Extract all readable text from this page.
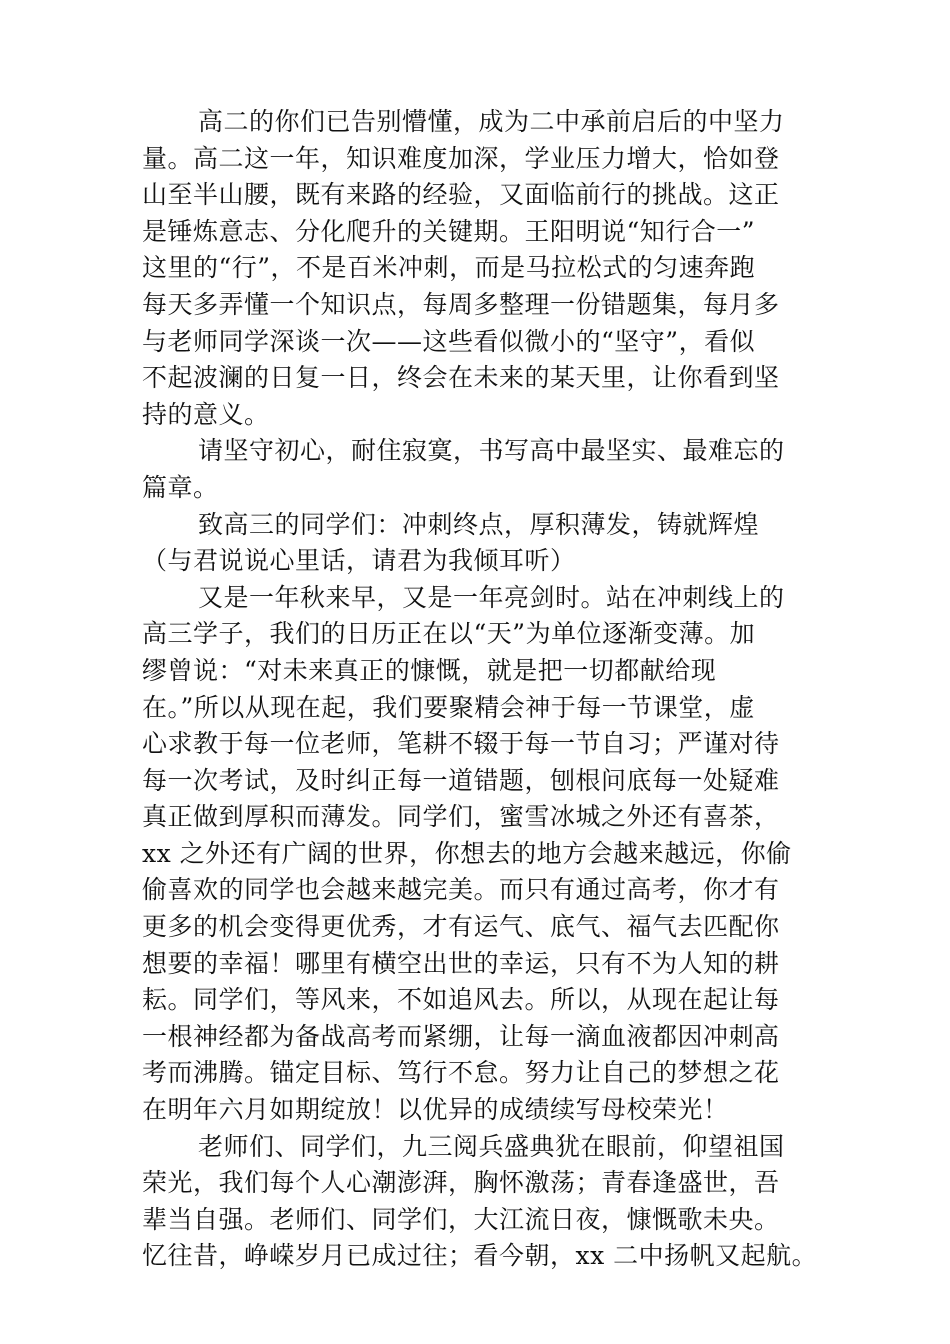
高二的你们已告别懵懂，成为二中承前启后的中坚力
量。高二这一年，知识难度加深，学业压力增大，恰如登
山至半山腰，既有来路的经验，又面临前行的挑战。这正
是锤炼意志、分化爬升的关键期。王阳明说“知行合一”
这里的“行”，不是百米冲刺，而是马拉松式的匀速奔跑
每天多弄懂一个知识点，每周多整理一份错题集，每月多
与老师同学深谈一次——这些看似微小的“坚守”，看似
不起波澜的日复一日，终会在未来的某天里，让你看到坚
持的意义。
请坚守初心，耐住寂寞，书写高中最坚实、最难忘的
篇章。
致高三的同学们：冲刺终点，厚积薄发，铸就辉煌
（与君说说心里话，请君为我倾耳听）
又是一年秋来早，又是一年亮剑时。站在冲刺线上的
高三学子，我们的日历正在以“天”为单位逐渐变薄。加
缪曾说：“对未来真正的慷慨，就是把一切都献给现
在。”所以从现在起，我们要聚精会神于每一节课堂，虚
心求教于每一位老师，笔耕不辍于每一节自习；严谨对待
每一次考试，及时纠正每一道错题，刨根问底每一处疑难
真正做到厚积而薄发。同学们，蜜雪冰城之外还有喜茶，
xx 之外还有广阔的世界，你想去的地方会越来越远，你偷
偷喜欢的同学也会越来越完美。而只有通过高考，你才有
更多的机会变得更优秀，才有运气、底气、福气去匹配你
想要的幸福！哪里有横空出世的幸运，只有不为人知的耕
耘。同学们，等风来，不如追风去。所以，从现在起让每
一根神经都为备战高考而紧绷，让每一滴血液都因冲刺高
考而沸腾。锚定目标、笃行不怠。努力让自己的梦想之花
在明年六月如期绽放！以优异的成绩续写母校荣光！
老师们、同学们，九三阅兵盛典犹在眼前，仰望祖国
荣光，我们每个人心潮澎湃，胸怀激荡；青春逢盛世，吾
辈当自强。老师们、同学们，大江流日夜，慷慨歌未央。
忆往昔，峥嵘岁月已成过往；看今朝，xx 二中扬帆又起航。
